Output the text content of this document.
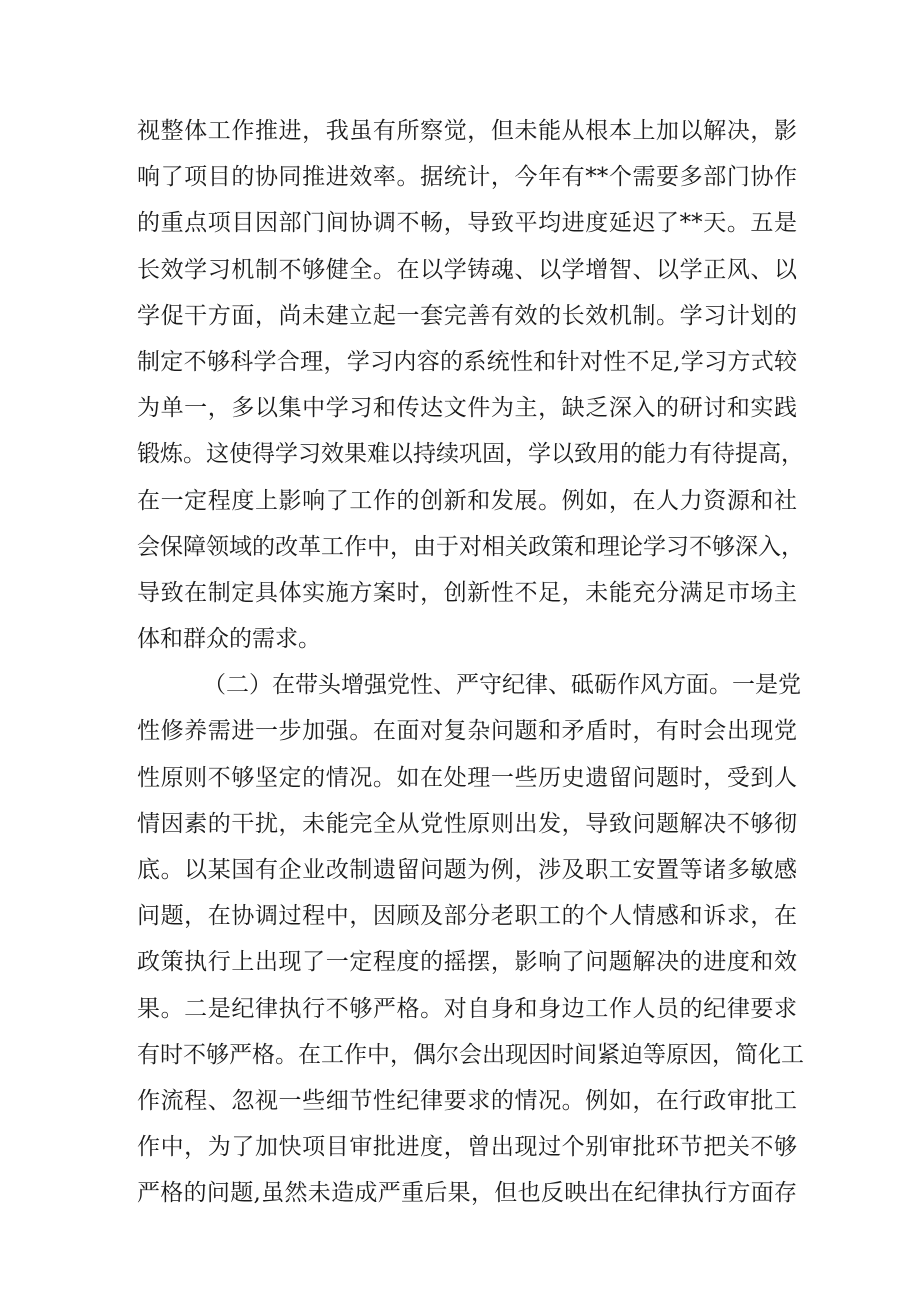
视整体工作推进，我虽有所察觉，但未能从根本上加以解决，影
响了项目的协同推进效率。据统计，今年有**个需要多部门协作
的重点项目因部门间协调不畅，导致平均进度延迟了**天。五是
长效学习机制不够健全。在以学铸魂、以学增智、以学正风、以
学促干方面，尚未建立起一套完善有效的长效机制。学习计划的
制定不够科学合理，学习内容的系统性和针对性不足,学习方式较
为单一，多以集中学习和传达文件为主，缺乏深入的研讨和实践
锻炼。这使得学习效果难以持续巩固，学以致用的能力有待提高，
在一定程度上影响了工作的创新和发展。例如，在人力资源和社
会保障领域的改革工作中，由于对相关政策和理论学习不够深入，
导致在制定具体实施方案时，创新性不足，未能充分满足市场主
体和群众的需求。
（二）在带头增强党性、严守纪律、砥砺作风方面。一是党
性修养需进一步加强。在面对复杂问题和矛盾时，有时会出现党
性原则不够坚定的情况。如在处理一些历史遗留问题时，受到人
情因素的干扰，未能完全从党性原则出发，导致问题解决不够彻
底。以某国有企业改制遗留问题为例，涉及职工安置等诸多敏感
问题，在协调过程中，因顾及部分老职工的个人情感和诉求，在
政策执行上出现了一定程度的摇摆，影响了问题解决的进度和效
果。二是纪律执行不够严格。对自身和身边工作人员的纪律要求
有时不够严格。在工作中，偶尔会出现因时间紧迫等原因，简化工
作流程、忽视一些细节性纪律要求的情况。例如，在行政审批工
作中，为了加快项目审批进度，曾出现过个别审批环节把关不够
严格的问题,虽然未造成严重后果，但也反映出在纪律执行方面存
